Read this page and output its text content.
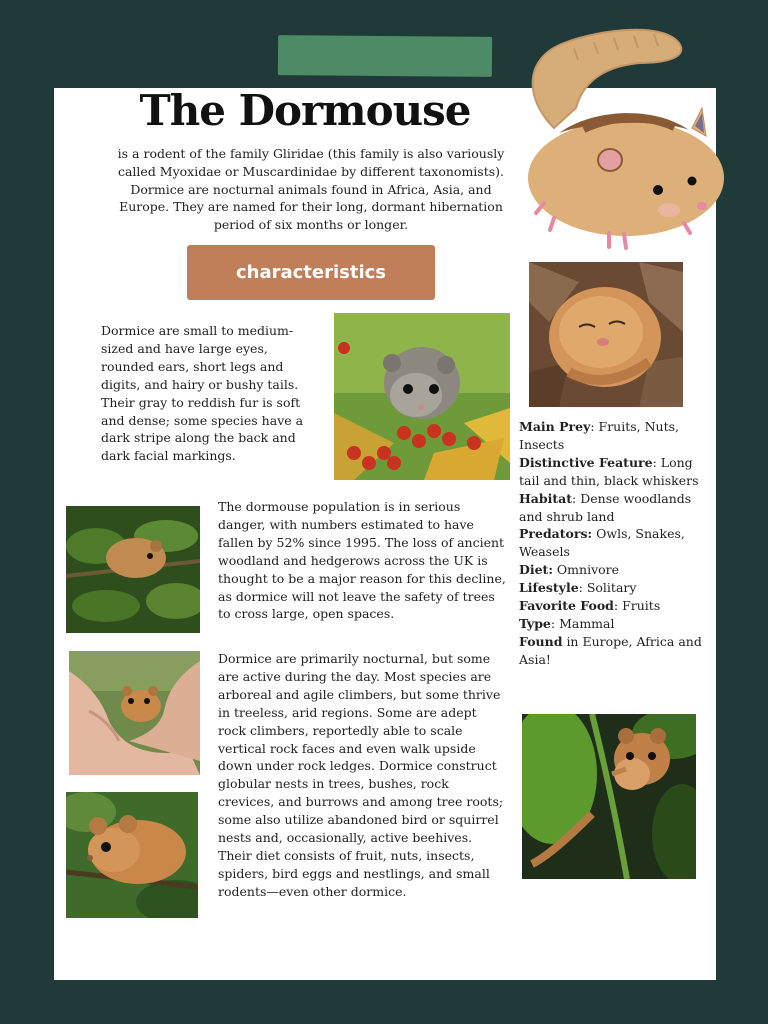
The Dormouse
is a rodent of the family Gliridae (this family is also variously called Myoxidae or Muscardinidae by different taxonomists). Dormice are nocturnal animals found in Africa, Asia, and Europe. They are named for their long, dormant hibernation period of six months or longer.
characteristics
Dormice are small to medium-sized and have large eyes, rounded ears, short legs and digits, and hairy or bushy tails. Their gray to reddish fur is soft and dense; some species have a dark stripe along the back and dark facial markings.
The dormouse population is in serious danger, with numbers estimated to have fallen by 52% since 1995. The loss of ancient woodland and hedgerows across the UK is thought to be a major reason for this decline, as dormice will not leave the safety of trees to cross large, open spaces.
Dormice are primarily nocturnal, but some are active during the day. Most species are arboreal and agile climbers, but some thrive in treeless, arid regions. Some are adept rock climbers, reportedly able to scale vertical rock faces and even walk upside down under rock ledges. Dormice construct globular nests in trees, bushes, rock crevices, and burrows and among tree roots; some also utilize abandoned bird or squirrel nests and, occasionally, active beehives. Their diet consists of fruit, nuts, insects, spiders, bird eggs and nestlings, and small rodents—even other dormice.
Main Prey: Fruits, Nuts, Insects
Distinctive Feature: Long tail and thin, black whiskers
Habitat: Dense woodlands and shrub land
Predators: Owls, Snakes, Weasels
Diet: Omnivore
Lifestyle: Solitary
Favorite Food: Fruits
Type: Mammal
Found in Europe, Africa and Asia!
